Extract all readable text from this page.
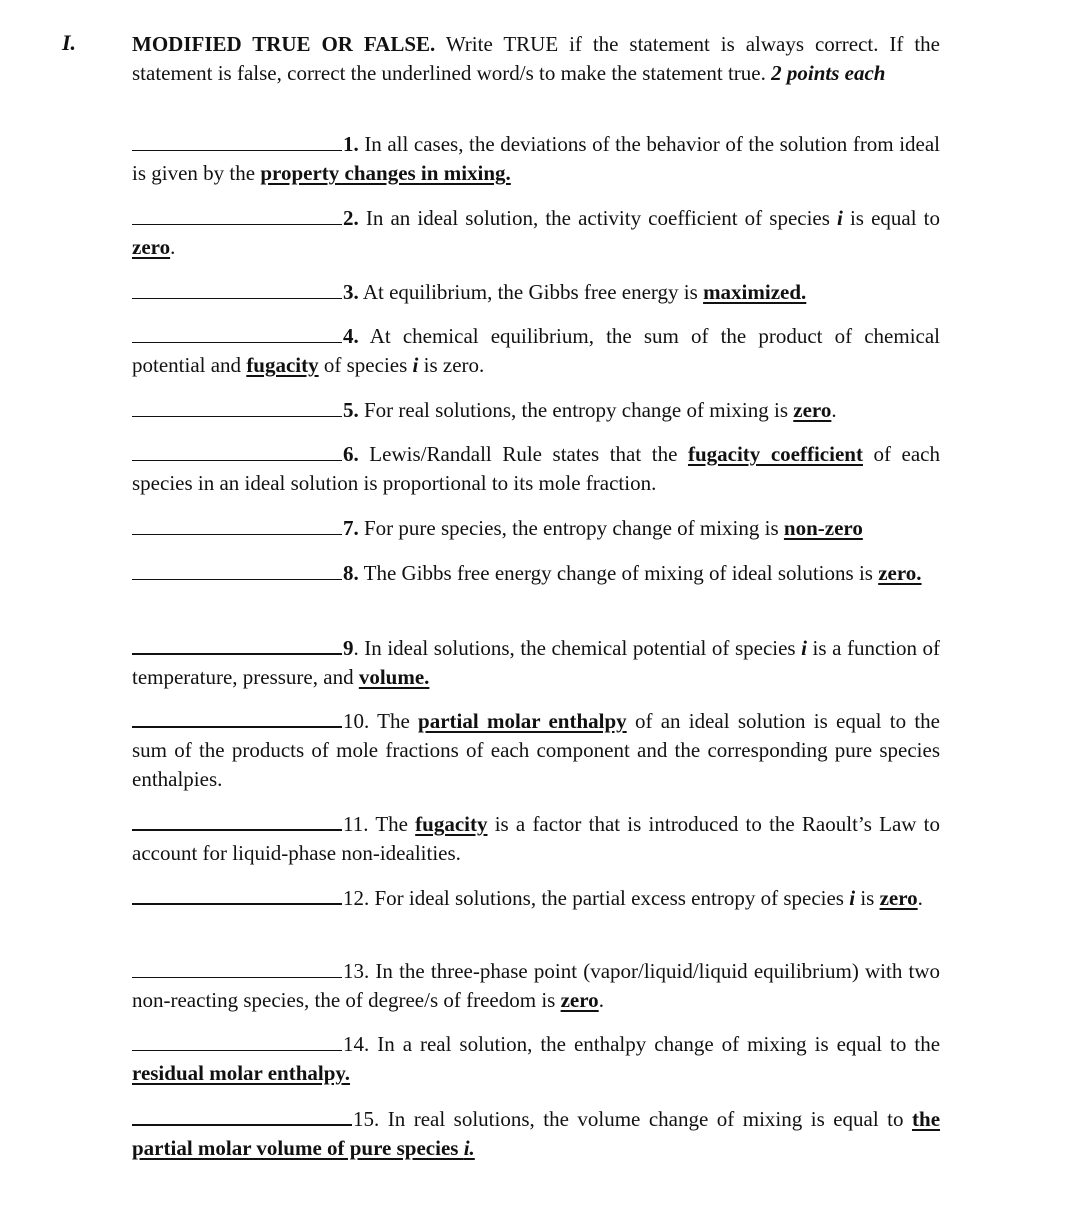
I.	MODIFIED TRUE OR FALSE. Write TRUE if the statement is always correct. If the statement is false, correct the underlined word/s to make the statement true. 2 points each
1. In all cases, the deviations of the behavior of the solution from ideal is given by the property changes in mixing.
2. In an ideal solution, the activity coefficient of species i is equal to zero.
3. At equilibrium, the Gibbs free energy is maximized.
4. At chemical equilibrium, the sum of the product of chemical potential and fugacity of species i is zero.
5. For real solutions, the entropy change of mixing is zero.
6. Lewis/Randall Rule states that the fugacity coefficient of each species in an ideal solution is proportional to its mole fraction.
7. For pure species, the entropy change of mixing is non-zero
8. The Gibbs free energy change of mixing of ideal solutions is zero.
9. In ideal solutions, the chemical potential of species i is a function of temperature, pressure, and volume.
10. The partial molar enthalpy of an ideal solution is equal to the sum of the products of mole fractions of each component and the corresponding pure species enthalpies.
11. The fugacity is a factor that is introduced to the Raoult’s Law to account for liquid-phase non-idealities.
12. For ideal solutions, the partial excess entropy of species i is zero.
13. In the three-phase point (vapor/liquid/liquid equilibrium) with two non-reacting species, the of degree/s of freedom is zero.
14. In a real solution, the enthalpy change of mixing is equal to the residual molar enthalpy.
15. In real solutions, the volume change of mixing is equal to the partial molar volume of pure species i.
